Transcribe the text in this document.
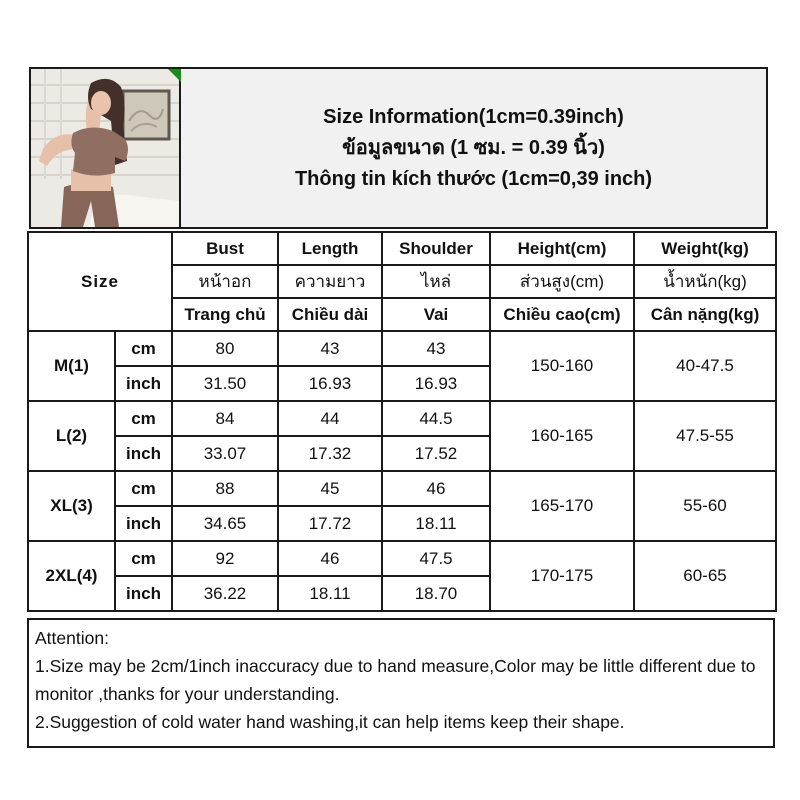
Size Information(1cm=0.39inch)
ข้อมูลขนาด (1 ซม. = 0.39 นิ้ว)
Thông tin kích thước (1cm=0,39 inch)
Size		Bust	Length	Shoulder	Height(cm)	Weight(kg)
		หน้าอก	ความยาว	ไหล่	ส่วนสูง(cm)	น้ำหนัก(kg)
		Trang chủ	Chiều dài	Vai	Chiều cao(cm)	Cân nặng(kg)
M(1)	cm	80	43	43	150-160	40-47.5
	inch	31.50	16.93	16.93		
L(2)	cm	84	44	44.5	160-165	47.5-55
	inch	33.07	17.32	17.52		
XL(3)	cm	88	45	46	165-170	55-60
	inch	34.65	17.72	18.11		
2XL(4)	cm	92	46	47.5	170-175	60-65
	inch	36.22	18.11	18.70		

Attention:

1.Size may be 2cm/1inch inaccuracy due to hand measure,Color may be little different due to monitor ,thanks for your understanding.

2.Suggestion of cold water hand washing,it can help items keep their shape.
